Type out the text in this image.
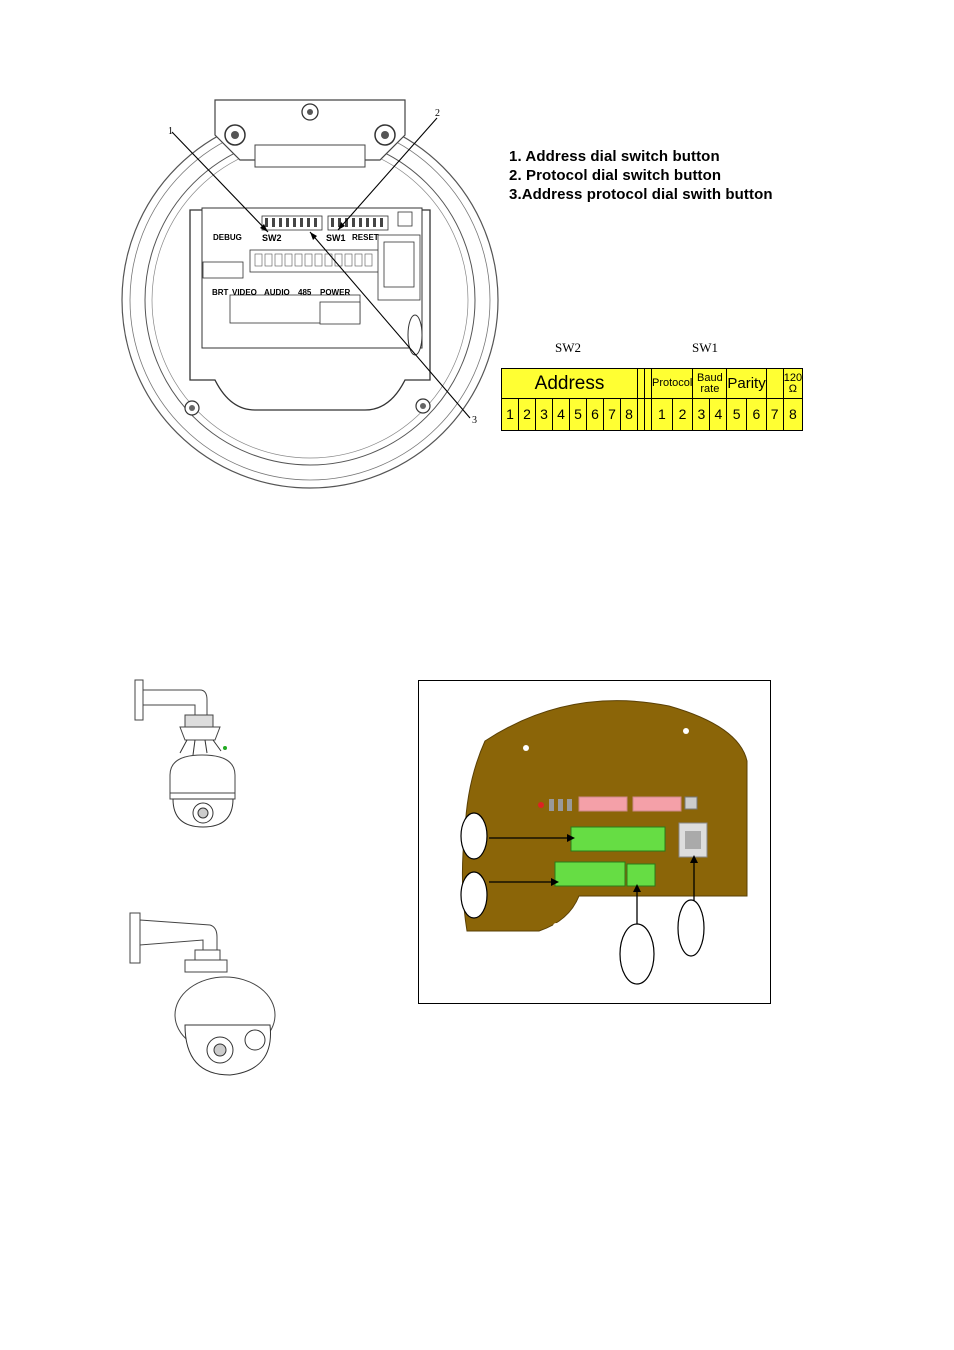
DEBUG SW2	SW1 RESET
BRT VIDEO AUDIO 485 POWER
1
2
3
1. Address dial switch button
2. Protocol dial switch button
3.Address protocol dial swith button
SW2	SW1
Address										Protocol		Baud rate		Parity			120 Ω
1	2	3	4	5	6	7	8			1	2	3	4	5	6	7	8
